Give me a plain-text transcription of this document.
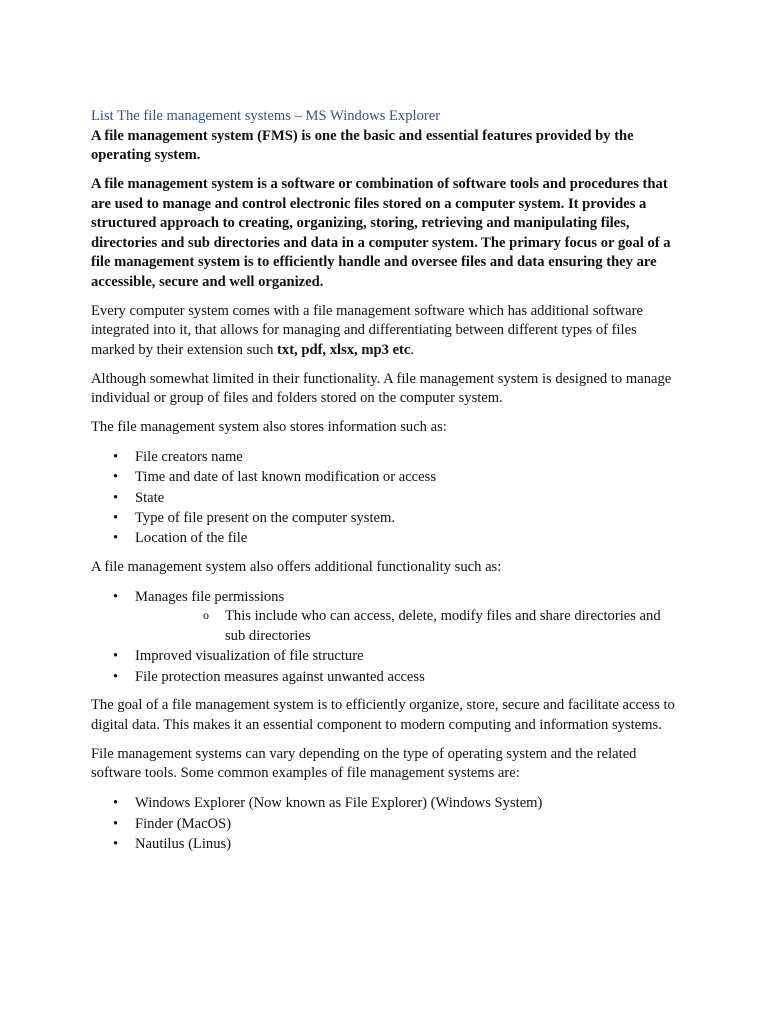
List The file management systems – MS Windows Explorer

A file management system (FMS) is one the basic and essential features provided by the operating system.

A file management system is a software or combination of software tools and procedures that are used to manage and control electronic files stored on a computer system. It provides a structured approach to creating, organizing, storing, retrieving and manipulating files, directories and sub directories and data in a computer system. The primary focus or goal of a file management system is to efficiently handle and oversee files and data ensuring they are accessible, secure and well organized.

Every computer system comes with a file management software which has additional software integrated into it, that allows for managing and differentiating between different types of files marked by their extension such txt, pdf, xlsx, mp3 etc.

Although somewhat limited in their functionality. A file management system is designed to manage individual or group of files and folders stored on the computer system.

The file management system also stores information such as:

• File creators name
• Time and date of last known modification or access
• State
• Type of file present on the computer system.
• Location of the file

A file management system also offers additional functionality such as:

• Manages file permissions
o This include who can access, delete, modify files and share directories and sub directories
• Improved visualization of file structure
• File protection measures against unwanted access

The goal of a file management system is to efficiently organize, store, secure and facilitate access to digital data. This makes it an essential component to modern computing and information systems.

File management systems can vary depending on the type of operating system and the related software tools. Some common examples of file management systems are:

• Windows Explorer (Now known as File Explorer) (Windows System)
• Finder (MacOS)
• Nautilus (Linus)
